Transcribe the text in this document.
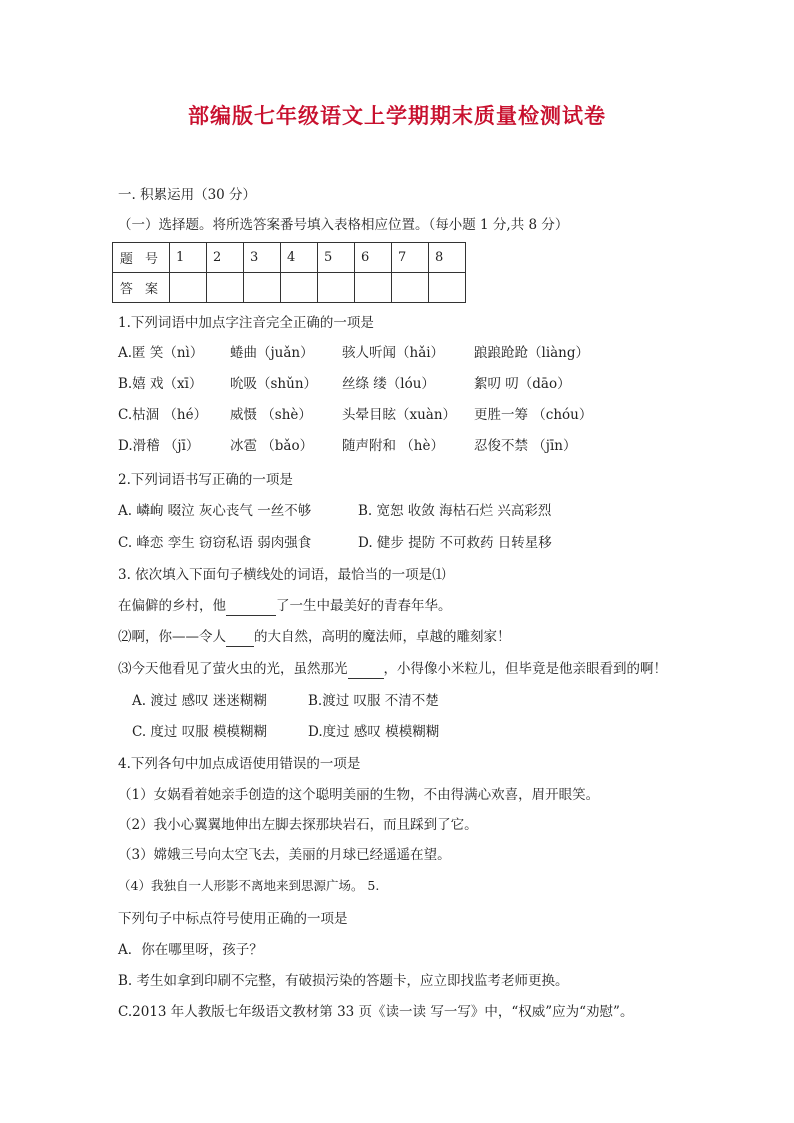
部编版七年级语文上学期期末质量检测试卷
一. 积累运用（30 分）
（一）选择题。将所选答案番号填入表格相应位置。（每小题 1 分,共 8 分）
题 号	1	2	3	4	5	6	7	8
答 案								
1.下列词语中加点字注音完全正确的一项是
A.匿 笑（nì）	蜷曲（juǎn）	骇人听闻（hǎi）	踉踉跄跄（liàng）
B.嬉 戏（xī）	吮吸（shǔn）	丝绦 缕（lóu）	絮叨 叨（dāo）
C.枯涸 （hé）	威慑 （shè）	头晕目眩（xuàn）	更胜一筹 （chóu）
D.滑稽 （jī）	冰雹 （bǎo）	随声附和 （hè）	忍俊不禁 （jīn）
2.下列词语书写正确的一项是
A. 嶙峋 啜泣 灰心丧气 一丝不够	B. 宽恕 收敛 海枯石烂 兴高彩烈
C. 峰恋 孪生 窃窃私语 弱肉强食	D. 健步 提防 不可救药 日转星移
3. 依次填入下面句子横线处的词语，最恰当的一项是⑴
在偏僻的乡村，他	了一生中最美好的青春年华。
⑵啊，你——令人 的大自然，高明的魔法师，卓越的雕刻家！
⑶今天他看见了萤火虫的光，虽然那光	，小得像小米粒儿，但毕竟是他亲眼看到的啊！
A. 渡过 感叹 迷迷糊糊	B.渡过 叹服 不清不楚
C. 度过 叹服 模模糊糊	D.度过 感叹 模模糊糊
4.下列各句中加点成语使用错误的一项是
（1）女娲看着她亲手创造的这个聪明美丽的生物，不由得满心欢喜，眉开眼笑。
（2）我小心翼翼地伸出左脚去探那块岩石，而且踩到了它。
（3）嫦娥三号向太空飞去，美丽的月球已经遥遥在望。
（4）我独自一人形影不离地来到思源广场。 5.
下列句子中标点符号使用正确的一项是
A．你在哪里呀，孩子？
B. 考生如拿到印刷不完整，有破损污染的答题卡，应立即找监考老师更换。
C.2013 年人教版七年级语文教材第 33 页《读一读 写一写》中，“权威”应为“劝慰”。
